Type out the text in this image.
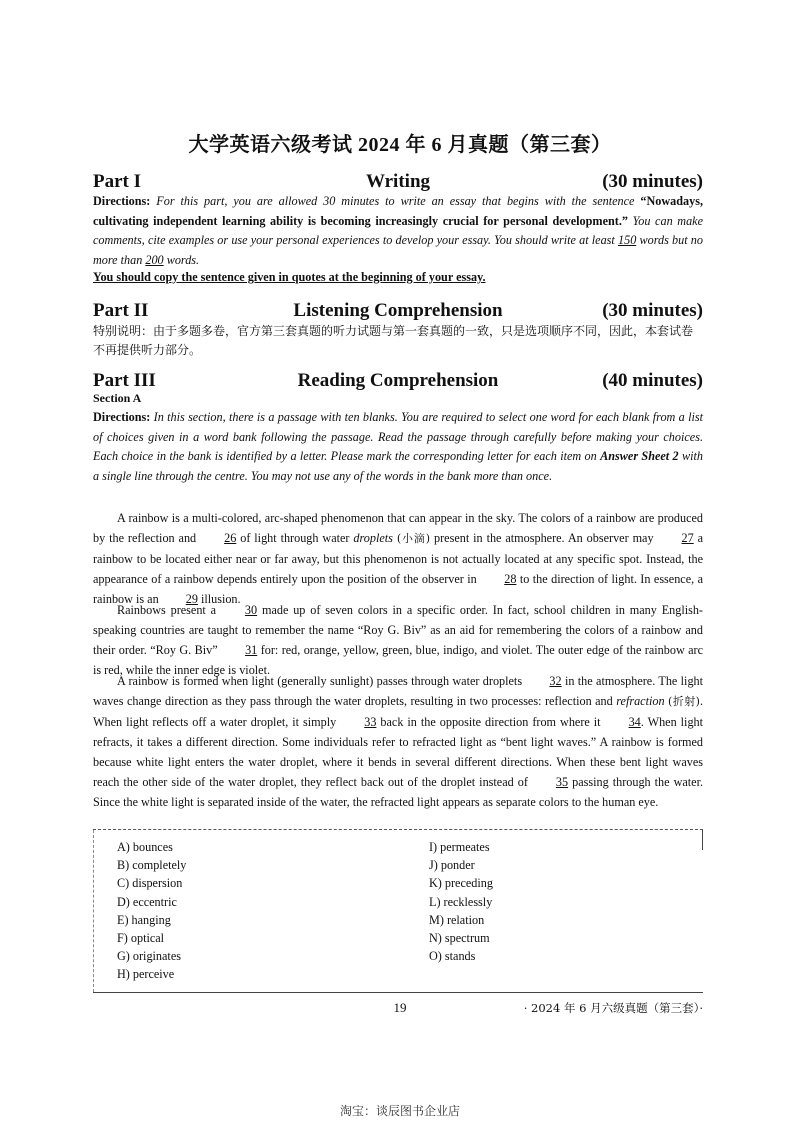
大学英语六级考试 2024 年 6 月真题（第三套）
Part I	Writing	(30 minutes)
Directions: For this part, you are allowed 30 minutes to write an essay that begins with the sentence “Nowadays, cultivating independent learning ability is becoming increasingly crucial for personal development.” You can make comments, cite examples or use your personal experiences to develop your essay. You should write at least 150 words but no more than 200 words.
You should copy the sentence given in quotes at the beginning of your essay.
Part II	Listening Comprehension	(30 minutes)
特别说明：由于多题多卷，官方第三套真题的听力试题与第一套真题的一致，只是选项顺序不同，因此，本套试卷不再提供听力部分。
Part III	Reading Comprehension	(40 minutes)
Section A
Directions: In this section, there is a passage with ten blanks. You are required to select one word for each blank from a list of choices given in a word bank following the passage. Read the passage through carefully before making your choices. Each choice in the bank is identified by a letter. Please mark the corresponding letter for each item on Answer Sheet 2 with a single line through the centre. You may not use any of the words in the bank more than once.
A rainbow is a multi-colored, arc-shaped phenomenon that can appear in the sky. The colors of a rainbow are produced by the reflection and 26 of light through water droplets (小滴) present in the atmosphere. An observer may 27 a rainbow to be located either near or far away, but this phenomenon is not actually located at any specific spot. Instead, the appearance of a rainbow depends entirely upon the position of the observer in 28 to the direction of light. In essence, a rainbow is an 29 illusion.
Rainbows present a 30 made up of seven colors in a specific order. In fact, school children in many English-speaking countries are taught to remember the name “Roy G. Biv” as an aid for remembering the colors of a rainbow and their order. “Roy G. Biv” 31 for: red, orange, yellow, green, blue, indigo, and violet. The outer edge of the rainbow arc is red, while the inner edge is violet.
A rainbow is formed when light (generally sunlight) passes through water droplets 32 in the atmosphere. The light waves change direction as they pass through the water droplets, resulting in two processes: reflection and refraction (折射). When light reflects off a water droplet, it simply 33 back in the opposite direction from where it 34. When light refracts, it takes a different direction. Some individuals refer to refracted light as “bent light waves.” A rainbow is formed because white light enters the water droplet, where it bends in several different directions. When these bent light waves reach the other side of the water droplet, they reflect back out of the droplet instead of 35 passing through the water. Since the white light is separated inside of the water, the refracted light appears as separate colors to the human eye.
A) bounces
B) completely
C) dispersion
D) eccentric
E) hanging
F) optical
G) originates
H) perceive
I) permeates
J) ponder
K) preceding
L) recklessly
M) relation
N) spectrum
O) stands
19	· 2024 年 6 月六级真题（第三套）·
淘宝：谈辰图书企业店
